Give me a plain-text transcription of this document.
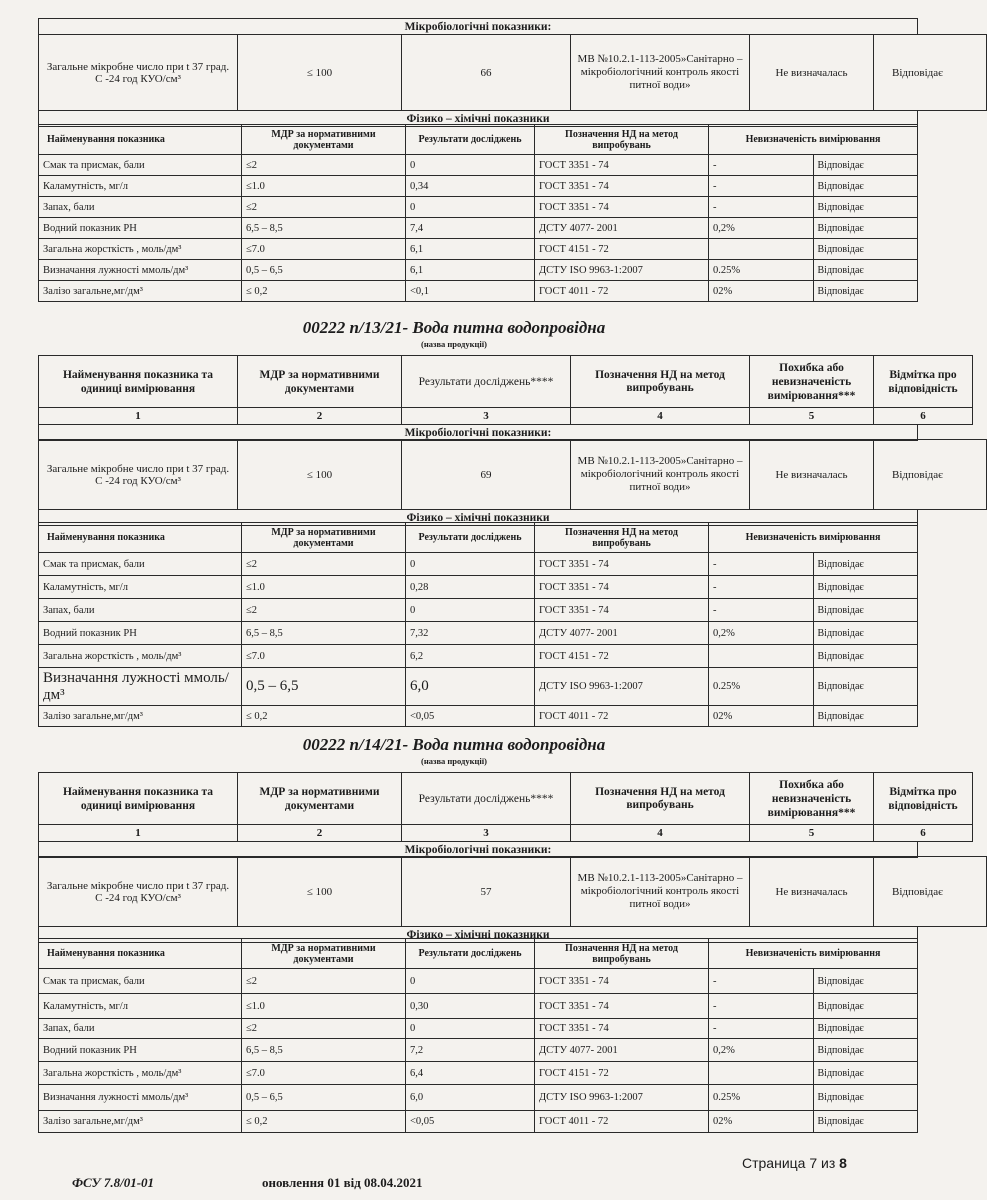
Мікробіологічні показники:
Загальне мікробне число при t 37 град. С -24 год КУО/см³	≤ 100	66	МВ №10.2.1-113-2005»Санітарно – мікробіологічний контроль якості питної води»	Не визначалась	Відповідає
Фізико – хімічні показники
Найменування показника	МДР за нормативними документами	Результати досліджень	Позначення НД на метод випробувань	Невизначеність вимірювання	
Смак та присмак, бали	≤2	0	ГОСТ 3351 - 74	-	Відповідає
Каламутність, мг/л	≤1.0	0,34	ГОСТ 3351 - 74	-	Відповідає
Запах, бали	≤2	0	ГОСТ 3351 - 74	-	Відповідає
Водний показник РН	6,5 – 8,5	7,4	ДСТУ 4077- 2001	0,2%	Відповідає
Загальна жорсткість , моль/дм³	≤7.0	6,1	ГОСТ 4151 - 72		Відповідає
Визначання лужності ммоль/дм³	0,5 – 6,5	6,1	ДСТУ ISO 9963-1:2007	0.25%	Відповідає
Залізо загальне,мг/дм³	≤ 0,2	<0,1	ГОСТ 4011 - 72	02%	Відповідає
00222 п/13/21- Вода питна водопровідна
(назва продукції)
Найменування показника та одиниці вимірювання	МДР за нормативними документами	Результати досліджень****	Позначення НД на метод випробувань	Похибка або невизначеність вимірювання***	Відмітка про відповідність
1	2	3	4	5	6
Мікробіологічні показники:
Загальне мікробне число при t 37 град. С -24 год КУО/см³	≤ 100	69	МВ №10.2.1-113-2005»Санітарно – мікробіологічний контроль якості питної води»	Не визначалась	Відповідає
Фізико – хімічні показники
Найменування показника	МДР за нормативними документами	Результати досліджень	Позначення НД на метод випробувань	Невизначеність вимірювання	
Смак та присмак, бали	≤2	0	ГОСТ 3351 - 74	-	Відповідає
Каламутність, мг/л	≤1.0	0,28	ГОСТ 3351 - 74	-	Відповідає
Запах, бали	≤2	0	ГОСТ 3351 - 74	-	Відповідає
Водний показник РН	6,5 – 8,5	7,32	ДСТУ 4077- 2001	0,2%	Відповідає
Загальна жорсткість , моль/дм³	≤7.0	6,2	ГОСТ 4151 - 72		Відповідає
Визначання лужності ммоль/дм³	0,5 – 6,5	6,0	ДСТУ ISO 9963-1:2007	0.25%	Відповідає
Залізо загальне,мг/дм³	≤ 0,2	<0,05	ГОСТ 4011 - 72	02%	Відповідає
00222 п/14/21- Вода питна водопровідна
(назва продукції)
Найменування показника та одиниці вимірювання	МДР за нормативними документами	Результати досліджень****	Позначення НД на метод випробувань	Похибка або невизначеність вимірювання***	Відмітка про відповідність
1	2	3	4	5	6
Мікробіологічні показники:
Загальне мікробне число при t 37 град. С -24 год КУО/см³	≤ 100	57	МВ №10.2.1-113-2005»Санітарно – мікробіологічний контроль якості питної води»	Не визначалась	Відповідає
Фізико – хімічні показники
Найменування показника	МДР за нормативними документами	Результати досліджень	Позначення НД на метод випробувань	Невизначеність вимірювання	
Смак та присмак, бали	≤2	0	ГОСТ 3351 - 74	-	Відповідає
Каламутність, мг/л	≤1.0	0,30	ГОСТ 3351 - 74	-	Відповідає
Запах, бали	≤2	0	ГОСТ 3351 - 74	-	Відповідає
Водний показник РН	6,5 – 8,5	7,2	ДСТУ 4077- 2001	0,2%	Відповідає
Загальна жорсткість , моль/дм³	≤7.0	6,4	ГОСТ 4151 - 72		Відповідає
Визначання лужності ммоль/дм³	0,5 – 6,5	6,0	ДСТУ ISO 9963-1:2007	0.25%	Відповідає
Залізо загальне,мг/дм³	≤ 0,2	<0,05	ГОСТ 4011 - 72	02%	Відповідає
ФСУ 7.8/01-01	оновлення 01 від 08.04.2021
Страница 7 из 8
